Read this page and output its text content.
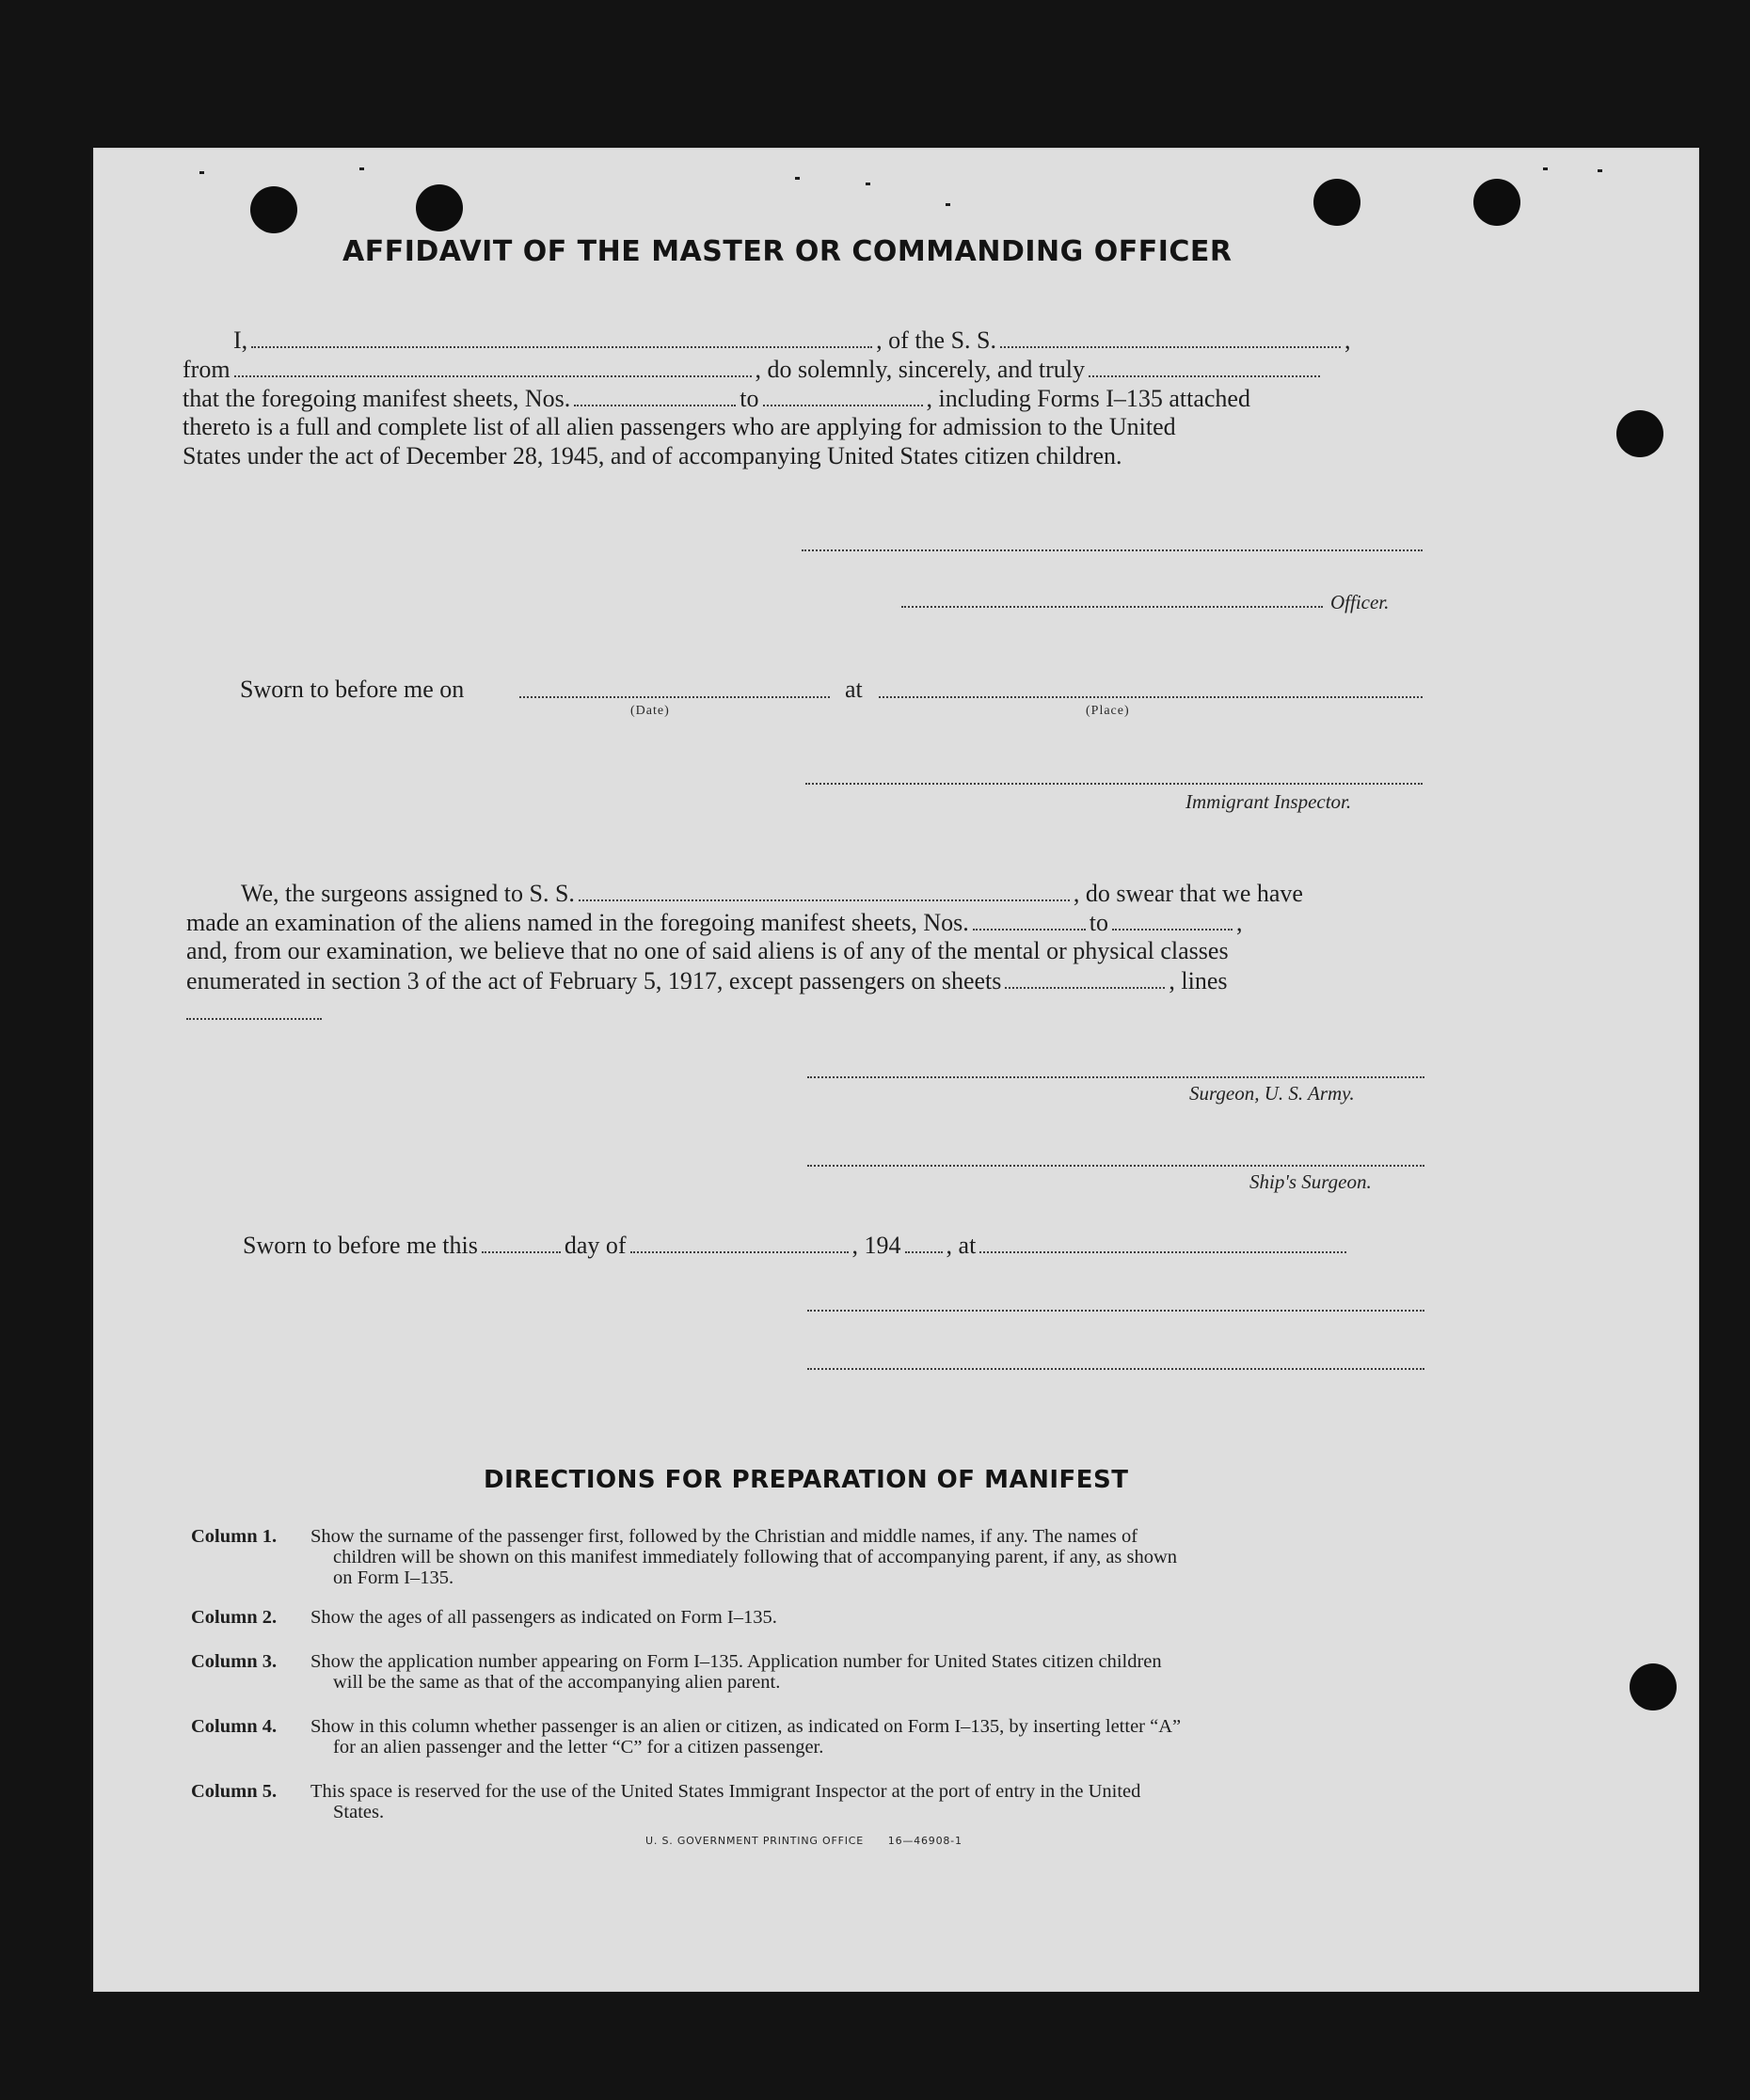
AFFIDAVIT OF THE MASTER OR COMMANDING OFFICER
I,	, of the S. S.	,
from	, do solemnly, sincerely, and truly
that the foregoing manifest sheets, Nos.	to	, including Forms I–135 attached
thereto is a full and complete list of all alien passengers who are applying for admission to the United
States under the act of December 28, 1945, and of accompanying United States citizen children.
Officer.
Sworn to before me on	at
(Date)	(Place)
Immigrant Inspector.
We, the surgeons assigned to S. S.	, do swear that we have
made an examination of the aliens named in the foregoing manifest sheets, Nos.	to	,
and, from our examination, we believe that no one of said aliens is of any of the mental or physical classes
enumerated in section 3 of the act of February 5, 1917, except passengers on sheets	, lines
Surgeon, U. S. Army.
Ship's Surgeon.
Sworn to before me this	day of	, 194 , at
DIRECTIONS FOR PREPARATION OF MANIFEST
Column 1.	Show the surname of the passenger first, followed by the Christian and middle names, if any. The names of
children will be shown on this manifest immediately following that of accompanying parent, if any, as shown
on Form I–135.
Column 2.	Show the ages of all passengers as indicated on Form I–135.
Column 3.	Show the application number appearing on Form I–135. Application number for United States citizen children
will be the same as that of the accompanying alien parent.
Column 4.	Show in this column whether passenger is an alien or citizen, as indicated on Form I–135, by inserting letter “A”
for an alien passenger and the letter “C” for a citizen passenger.
Column 5.	This space is reserved for the use of the United States Immigrant Inspector at the port of entry in the United
States.
U. S. GOVERNMENT PRINTING OFFICE 16—46908-1
